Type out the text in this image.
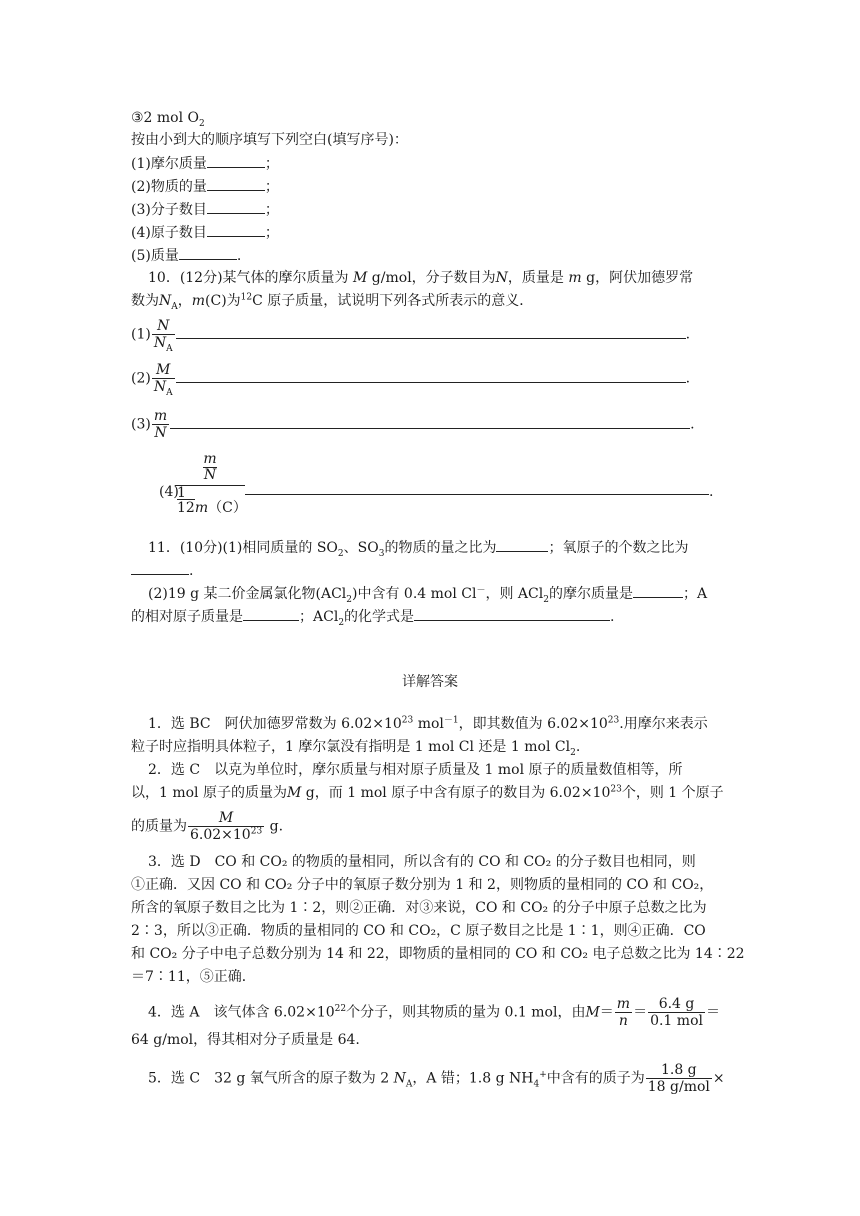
③2 mol $O_2$
按由小到大的顺序填写下列空白(填写序号)：
(1)摩尔质量	；
(2)物质的量	；
(3)分子数目	；
(4)原子数目	；
(5)质量	.
10．(12分)某气体的摩尔质量为 M g/mol，分子数目为N，质量是 m g，阿伏加德罗常
数为$N_A$，m(C)为$^{12}$C 原子质量，试说明下列各式所表示的意义．
$(1) \frac{N}{N_A}$	.
$(2) \frac{M}{N_A}$	.
$(3) \frac{m}{N}$	.
(4)
m
N
1
12m（C）
.
11．(10分)(1)相同质量的 $SO_2$、$SO_3$的物质的量之比为	；氧原子的个数之比为
.
(2)19 g 某二价金属氯化物(ACl$_2$)中含有 0.4 mol Cl－，则 ACl$_2$的摩尔质量是	；A
的相对原子质量是	；ACl$_2$的化学式是	.
详解答案
1．选 BC　阿伏加德罗常数为 $6.02\times 10^{23}$ mol$^{-1}$，即其数值为 $6.02\times 10^{23}$.用摩尔来表示
粒子时应指明具体粒子，1 摩尔氯没有指明是 1 mol Cl 还是 1 mol $Cl_2$.
2．选 C　以克为单位时，摩尔质量与相对原子质量及 1 mol 原子的质量数值相等，所
以，1 mol 原子的质量为M g，而 1 mol 原子中含有原子的数目为 $6.02\times 10^{23}$个，则 1 个原子
的质量为 $\frac{M}{6.02\times 10^{23}} g$.
3．选 D　CO 和 CO₂ 的物质的量相同，所以含有的 CO 和 CO₂ 的分子数目也相同，则
①正确．又因 CO 和 CO₂ 分子中的氧原子数分别为 1 和 2，则物质的量相同的 CO 和 CO₂，
所含的氧原子数目之比为 1∶2，则②正确．对③来说，CO 和 CO₂ 的分子中原子总数之比为
2∶3，所以③正确．物质的量相同的 CO 和 CO₂，C 原子数目之比是 1∶1，则④正确．CO
和 CO₂ 分子中电子总数分别为 14 和 22，即物质的量相同的 CO 和 CO₂ 电子总数之比为 14∶22
＝7∶11，⑤正确．
4．选 A　该气体含 $6.02\times 10^{22}$个分子，则其物质的量为 0.1 mol，由$M= \frac{m}{n} = \frac{6.4 g}{\text{0.1 mol}}$ ＝
64 g/mol，得其相对分子质量是 64.
5．选 C　32 g 氧气所含的原子数为 2 $N_A$，A 错；1.8 g $NH_4^+$中含有的质子为 $\frac{1.8 g}{\text{18 g/mol}}$ ×
